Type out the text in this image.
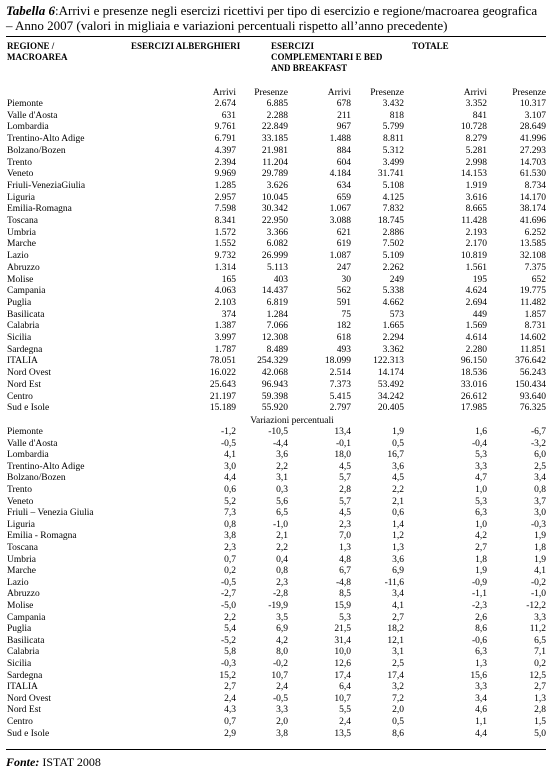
Tabella 6:Arrivi e presenze negli esercizi ricettivi per tipo di esercizio e regione/macroarea geografica – Anno 2007 (valori in migliaia e variazioni percentuali rispetto all’anno precedente)
REGIONE /
MACROAREA
ESERCIZI ALBERGHIERI	ESERCIZI
COMPLEMENTARI E BED
AND BREAKFAST
TOTALE
Arrivi Presenze	Arrivi Presenze	Arrivi	Presenze
Piemonte	2.674	6.885	678	3.432	3.352	10.317
Valle d'Aosta	631	2.288	211	818	841	3.107
Lombardia	9.761	22.849	967	5.799	10.728	28.649
Trentino-Alto Adige	6.791	33.185	1.488	8.811	8.279	41.996
Bolzano/Bozen	4.397	21.981	884	5.312	5.281	27.293
Trento	2.394	11.204	604	3.499	2.998	14.703
Veneto	9.969	29.789	4.184	31.741	14.153	61.530
Friuli-VeneziaGiulia	1.285	3.626	634	5.108	1.919	8.734
Liguria	2.957	10.045	659	4.125	3.616	14.170
Emilia-Romagna	7.598	30.342	1.067	7.832	8.665	38.174
Toscana	8.341	22.950	3.088	18.745	11.428	41.696
Umbria	1.572	3.366	621	2.886	2.193	6.252
Marche	1.552	6.082	619	7.502	2.170	13.585
Lazio	9.732	26.999	1.087	5.109	10.819	32.108
Abruzzo	1.314	5.113	247	2.262	1.561	7.375
Molise	165	403	30	249	195	652
Campania	4.063	14.437	562	5.338	4.624	19.775
Puglia	2.103	6.819	591	4.662	2.694	11.482
Basilicata	374	1.284	75	573	449	1.857
Calabria	1.387	7.066	182	1.665	1.569	8.731
Sicilia	3.997	12.308	618	2.294	4.614	14.602
Sardegna	1.787	8.489	493	3.362	2.280	11.851
ITALIA	78.051 254.329	18.099 122.313	96.150	376.642
Nord Ovest	16.022	42.068	2.514	14.174	18.536	56.243
Nord Est	25.643	96.943	7.373	53.492	33.016	150.434
Centro	21.197	59.398	5.415	34.242	26.612	93.640
Sud e Isole	15.189	55.920	2.797	20.405	17.985	76.325
Variazioni percentuali
Piemonte	-1,2	-10,5	13,4	1,9	1,6	-6,7
Valle d'Aosta	-0,5	-4,4	-0,1	0,5	-0,4	-3,2
Lombardia	4,1	3,6	18,0	16,7	5,3	6,0
Trentino-Alto Adige	3,0	2,2	4,5	3,6	3,3	2,5
Bolzano/Bozen	4,4	3,1	5,7	4,5	4,7	3,4
Trento	0,6	0,3	2,8	2,2	1,0	0,8
Veneto	5,2	5,6	5,7	2,1	5,3	3,7
Friuli – Venezia Giulia	7,3	6,5	4,5	0,6	6,3	3,0
Liguria	0,8	-1,0	2,3	1,4	1,0	-0,3
Emilia - Romagna	3,8	2,1	7,0	1,2	4,2	1,9
Toscana	2,3	2,2	1,3	1,3	2,7	1,8
Umbria	0,7	0,4	4,8	3,6	1,8	1,9
Marche	0,2	0,8	6,7	6,9	1,9	4,1
Lazio	-0,5	2,3	-4,8	-11,6	-0,9	-0,2
Abruzzo	-2,7	-2,8	8,5	3,4	-1,1	-1,0
Molise	-5,0	-19,9	15,9	4,1	-2,3	-12,2
Campania	2,2	3,5	5,3	2,7	2,6	3,3
Puglia	5,4	6,9	21,5	18,2	8,6	11,2
Basilicata	-5,2	4,2	31,4	12,1	-0,6	6,5
Calabria	5,8	8,0	10,0	3,1	6,3	7,1
Sicilia	-0,3	-0,2	12,6	2,5	1,3	0,2
Sardegna	15,2	10,7	17,4	17,4	15,6	12,5
ITALIA	2,7	2,4	6,4	3,2	3,3	2,7
Nord Ovest	2,4	-0,5	10,7	7,2	3,4	1,3
Nord Est	4,3	3,3	5,5	2,0	4,6	2,8
Centro	0,7	2,0	2,4	0,5	1,1	1,5
Sud e Isole	2,9	3,8	13,5	8,6	4,4	5,0
Fonte: ISTAT 2008
